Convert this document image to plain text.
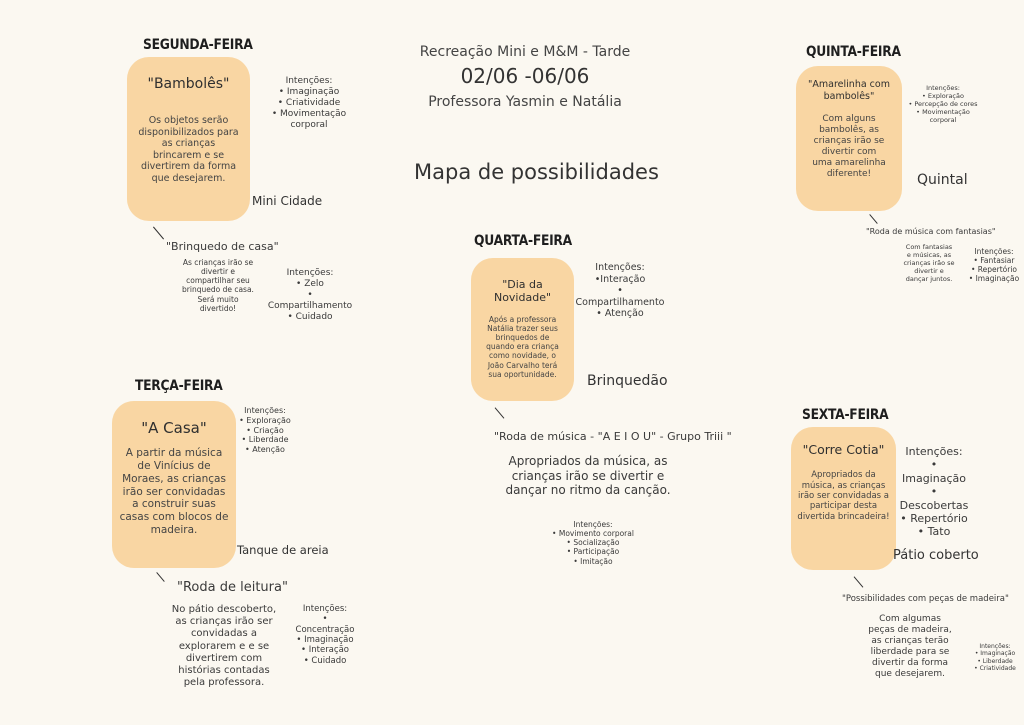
Recreação Mini e M&M - Tarde
02/06 -06/06
Professora Yasmin e Natália
Mapa de possibilidades
SEGUNDA-FEIRA
"Bambolês"
Os objetos serão
disponibilizados para
as crianças
brincarem e se
divertirem da forma
que desejarem.
Intenções:
• Imaginação
• Criatividade
• Movimentação corporal
Mini Cidade
"Brinquedo de casa"
As crianças irão se
divertir e
compartilhar seu
brinquedo de casa.
Será muito
divertido!
Intenções:
• Zelo
• Compartilhamento
• Cuidado
TERÇA-FEIRA
"A Casa"
A partir da música
de Vinícius de
Moraes, as crianças
irão ser convidadas
a construir suas
casas com blocos de
madeira.
Intenções:
• Exploração
• Criação
• Liberdade
• Atenção
Tanque de areia
"Roda de leitura"
No pátio descoberto,
as crianças irão ser
convidadas a
explorarem e e se
divertirem com
histórias contadas
pela professora.
Intenções:
• Concentração
• Imaginação
• Interação
• Cuidado
QUARTA-FEIRA
"Dia da
Novidade"
Após a professora
Natália trazer seus
brinquedos de
quando era criança
como novidade, o
João Carvalho terá
sua oportunidade.
Intenções:
•Interação
• Compartilhamento
• Atenção
Brinquedão
"Roda de música - "A E I O U" - Grupo Triii "
Apropriados da música, as
crianças irão se divertir e
dançar no ritmo da canção.
Intenções:
• Movimento corporal
• Socialização
• Participação
• Imitação
QUINTA-FEIRA
"Amarelinha com
bambolês"
Com alguns
bambolês, as
crianças irão se
divertir com
uma amarelinha
diferente!
Intenções:
• Exploração
• Percepção de cores
• Movimentação corporal
Quintal
"Roda de música com fantasias"
Com fantasias
e músicas, as
crianças irão se
divertir e
dançar juntos.
Intenções:
• Fantasiar
• Repertório
• Imaginação
SEXTA-FEIRA
"Corre Cotia"
Apropriados da
música, as crianças
irão ser convidadas a
participar desta
divertida brincadeira!
Intenções:
• Imaginação
• Descobertas
• Repertório
• Tato
Pátio coberto
"Possibilidades com peças de madeira"
Com algumas
peças de madeira,
as crianças terão
liberdade para se
divertir da forma
que desejarem.
Intenções:
• Imaginação
• Liberdade
• Criatividade
